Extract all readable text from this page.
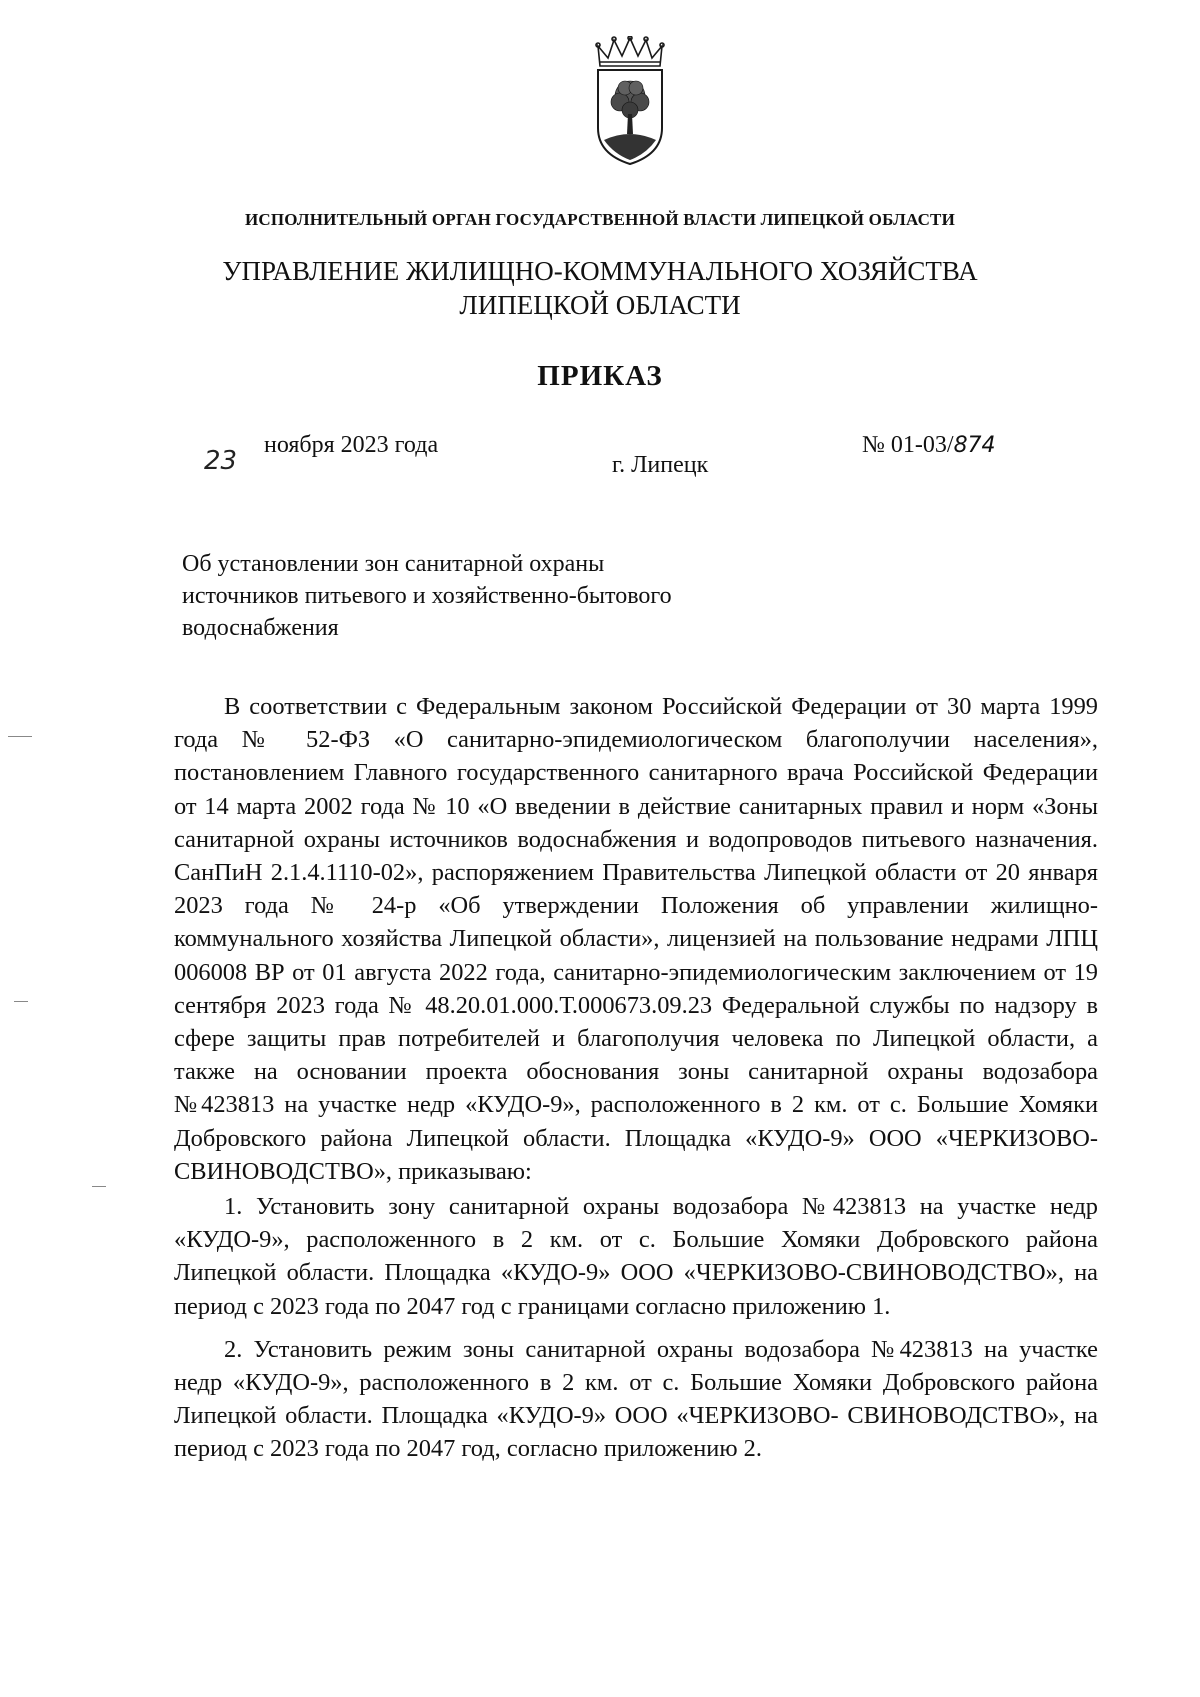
ИСПОЛНИТЕЛЬНЫЙ ОРГАН ГОСУДАРСТВЕННОЙ ВЛАСТИ ЛИПЕЦКОЙ ОБЛАСТИ
УПРАВЛЕНИЕ ЖИЛИЩНО-КОММУНАЛЬНОГО ХОЗЯЙСТВА
ЛИПЕЦКОЙ ОБЛАСТИ
ПРИКАЗ
23
ноября 2023 года
г. Липецк
№ 01-03/874
Об установлении зон санитарной охраны
источников питьевого и хозяйственно-бытового
водоснабжения

В соответствии с Федеральным законом Российской Федерации от 30 марта 1999 года № 52-ФЗ «О санитарно-эпидемиологическом благополучии населения», постановлением Главного государственного санитарного врача Российской Федерации от 14 марта 2002 года № 10 «О введении в действие санитарных правил и норм «Зоны санитарной охраны источников водоснабжения и водопроводов питьевого назначения. СанПиН 2.1.4.1110-02», распоряжением Правительства Липецкой области от 20 января 2023 года № 24-р «Об утверждении Положения об управлении жилищно-коммунального хозяйства Липецкой области», лицензией на пользование недрами ЛПЦ 006008 ВР от 01 августа 2022 года, санитарно-эпидемиологическим заключением от 19 сентября 2023 года № 48.20.01.000.Т.000673.09.23 Федеральной службы по надзору в сфере защиты прав потребителей и благополучия человека по Липецкой области, а также на основании проекта обоснования зоны санитарной охраны водозабора №423813 на участке недр «КУДО-9», расположенного в 2 км. от с. Большие Хомяки Добровского района Липецкой области. Площадка «КУДО-9» ООО «ЧЕРКИЗОВО- СВИНОВОДСТВО», приказываю:

1. Установить зону санитарной охраны водозабора №423813 на участке недр «КУДО-9», расположенного в 2 км. от с. Большие Хомяки Добровского района Липецкой области. Площадка «КУДО-9» ООО «ЧЕРКИЗОВО-СВИНОВОДСТВО», на период с 2023 года по 2047 год с границами согласно приложению 1.

2. Установить режим зоны санитарной охраны водозабора №423813 на участке недр «КУДО-9», расположенного в 2 км. от с. Большие Хомяки Добровского района Липецкой области. Площадка «КУДО-9» ООО «ЧЕРКИЗОВО- СВИНОВОДСТВО», на период с 2023 года по 2047 год, согласно приложению 2.
